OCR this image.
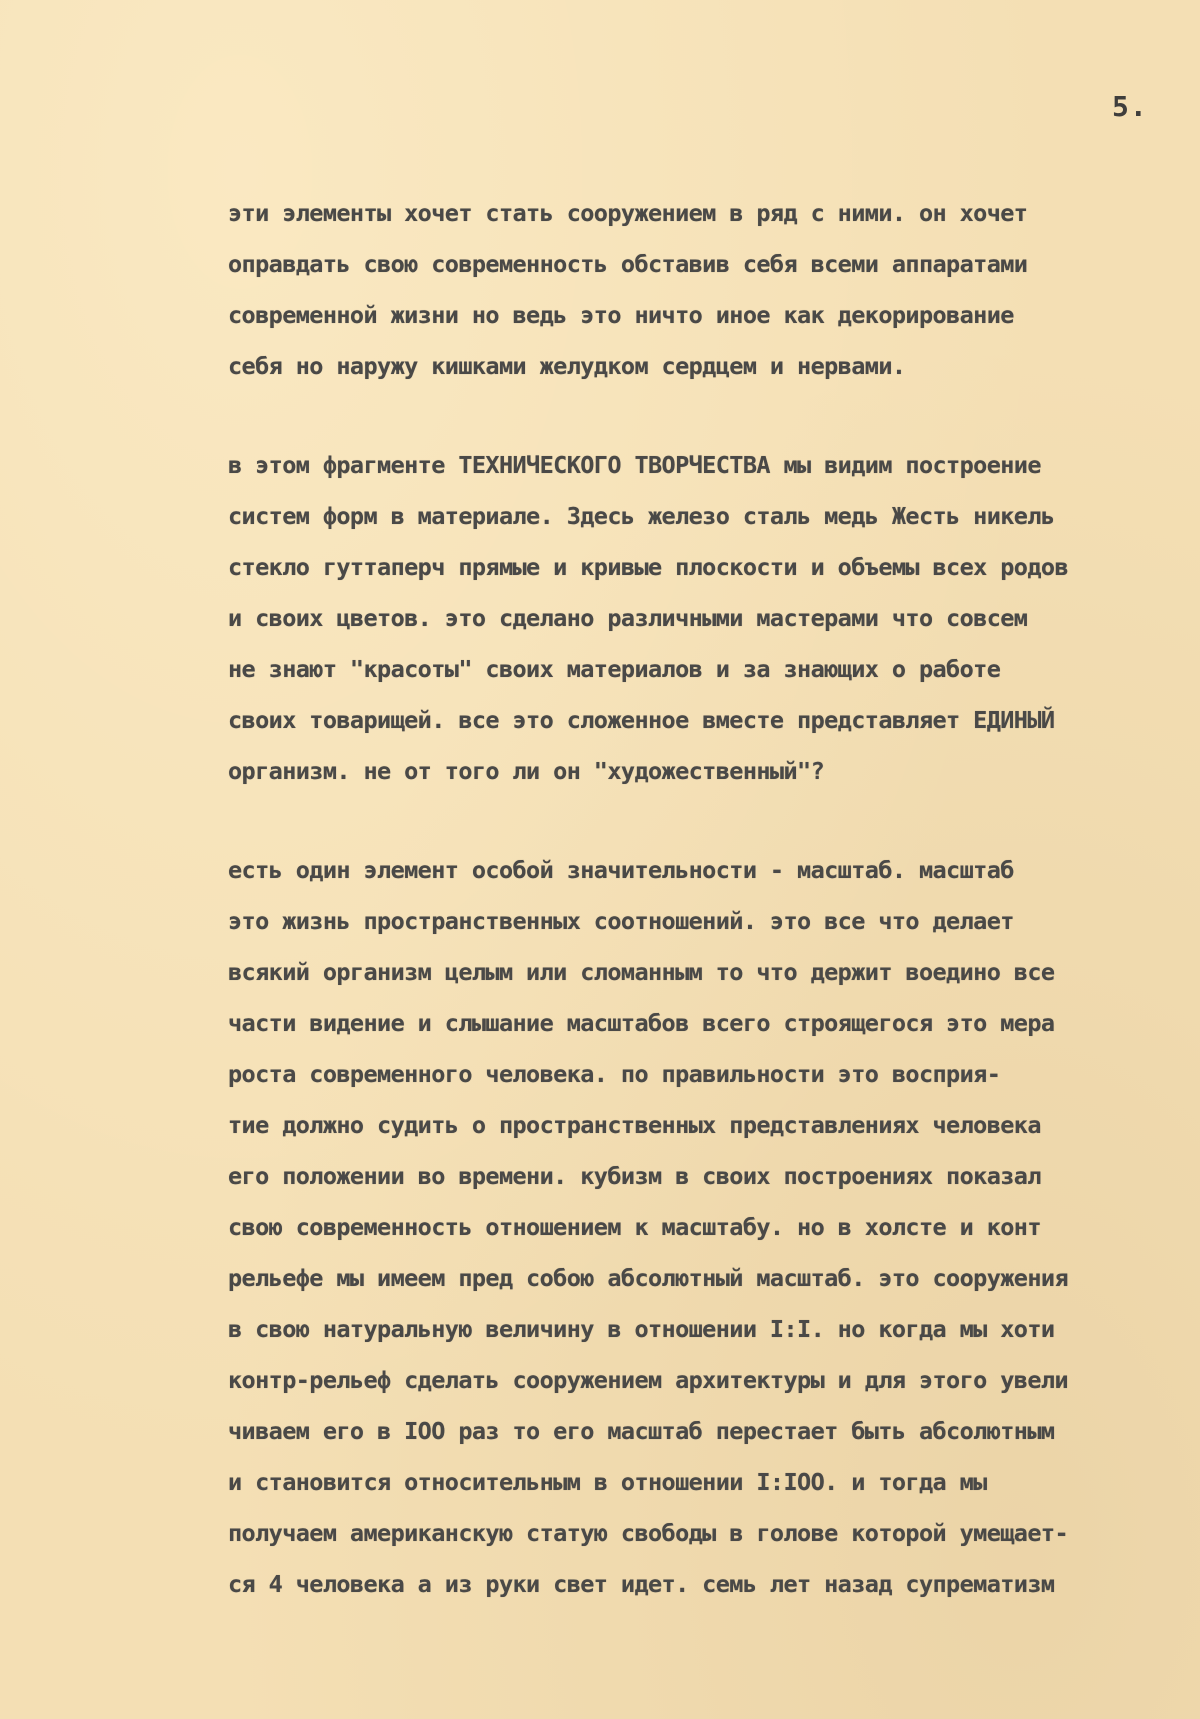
5.
эти элементы хочет стать сооружением в ряд с ними. он хочет
оправдать свою современность обставив себя всеми аппаратами
современной жизни но ведь это ничто иное как декорирование
себя но наружу кишками желудком сердцем и нервами.
в этом фрагменте ТЕХНИЧЕСКОГО ТВОРЧЕСТВА мы видим построение
систем форм в материале. Здесь железо сталь медь Жесть никель
стекло гуттаперч прямые и кривые плоскости и объемы всех родов
и своих цветов. это сделано различными мастерами что совсем
не знают "красоты" своих материалов и за знающих о работе
своих товарищей. все это сложенное вместе представляет ЕДИНЫЙ
организм. не от того ли он "художественный"?
есть один элемент особой значительности - масштаб. масштаб
это жизнь пространственных соотношений. это все что делает
всякий организм целым или сломанным то что держит воедино все
части видение и слышание масштабов всего строящегося это мера
роста современного человека. по правильности это восприя-
тие должно судить о пространственных представлениях человека
его положении во времени. кубизм в своих построениях показал
свою современность отношением к масштабу. но в холсте и конт
рельефе мы имеем пред собою абсолютный масштаб. это сооружения
в свою натуральную величину в отношении I:I. но когда мы хоти
контр-рельеф сделать сооружением архитектуры и для этого увели
чиваем его в IOO раз то его масштаб перестает быть абсолютным
и становится относительным в отношении I:IOO. и тогда мы
получаем американскую статую свободы в голове которой умещает-
ся 4 человека а из руки свет идет. семь лет назад супрематизм
